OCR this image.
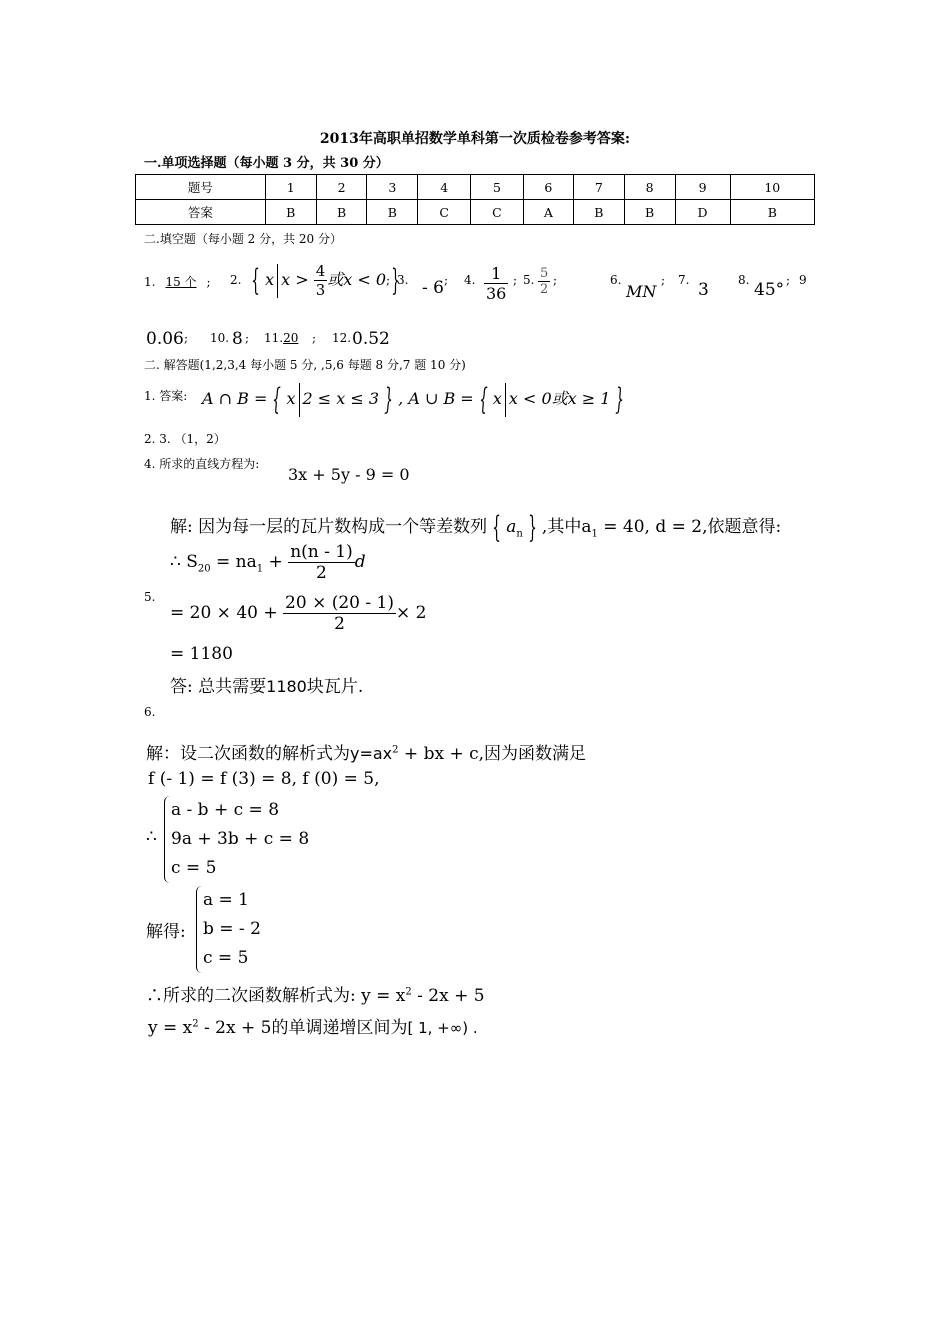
2013年高职单招数学单科第一次质检卷参考答案:
一.单项选择题（每小题 3 分，共 30 分）
题号	1	2	3	4	5	6	7	8	9	10
答案	B	B	B	C	C	A	B	B	D	B
二.填空题（每小题 2 分，共 20 分）
1. 15 个 ; 2. { x $x > \frac{4}{3}$ 或x < 0 }
; 3. - 6 ; 4. $\frac{1}{36}$ ; 5. $\frac{5}{2}$ ;	6.
MN
; 7. 3 8. 45° ; 9
0.06 ; 10. 8 ; 11.20 ; 12. 0.52
二. 解答题(1,2,3,4 每小题 5 分, ,5,6 每题 8 分,7 题 10 分)
1. 答案: A ∩ B = { x 2 ≤ x ≤ 3 } , A ∪ B = { x x < 0或x ≥ 1 }
2. 3. （1，2）
4. 所求的直线方程为:
3x + 5y - 9 = 0
解: 因为每一层的瓦片数构成一个等差数列 { $a_n$ } ,其中$a_1 = 40$, d = 2,依题意得:
∴ $S_{20} = na_1 + \frac{n(n - 1)}{2}$ d
5.
= $20 \times 40 + \frac{20 \times (20 - 1)}{2} \times 2$
= 1180
答: 总共需要1180块瓦片.
6.
解：设二次函数的解析式为$y=ax^2$ + bx + c,因为函数满足
f (- 1) = f (3) = 8, f (0) = 5,
∴
a - b + c = 8
9a + 3b + c = 8
c = 5
解得:
a = 1
b = - 2
c = 5
∴所求的二次函数解析式为: $y = x^2 - 2x + 5$
$y = x^2 - 2x + 5$的单调递增区间为[ 1, +∞) .
